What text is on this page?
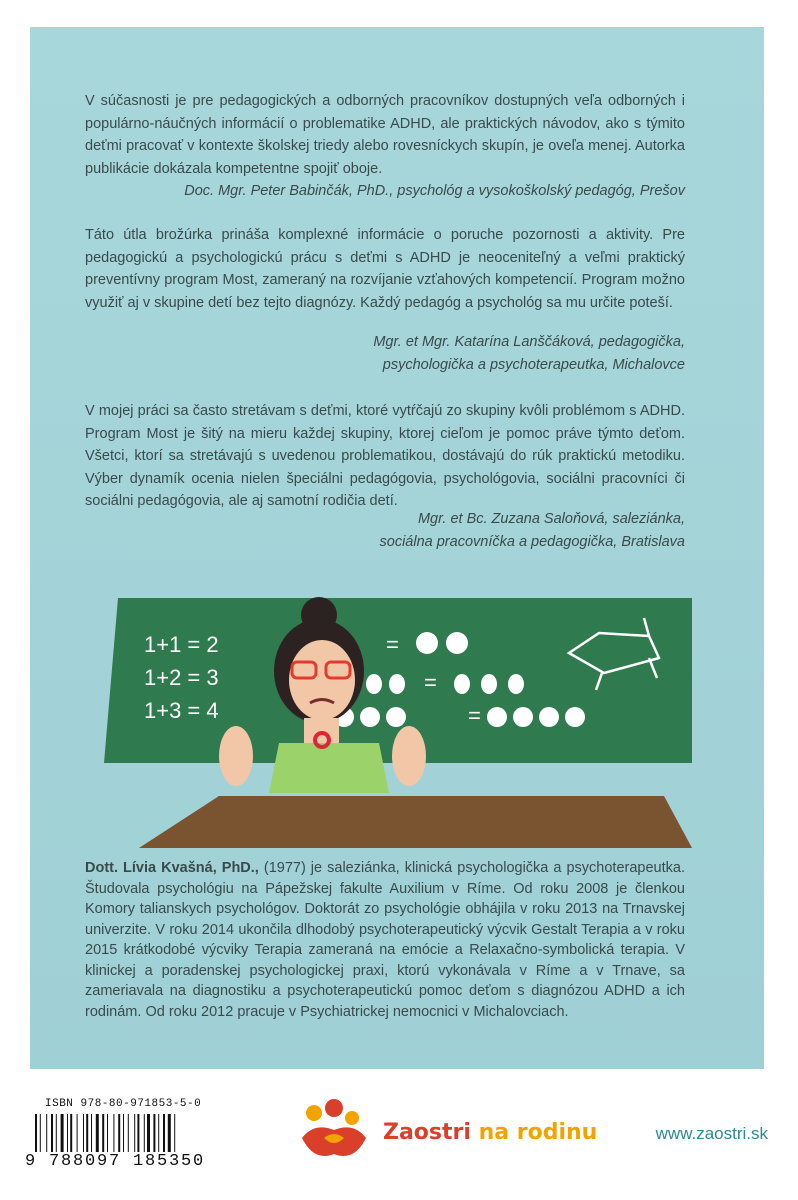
V súčasnosti je pre pedagogických a odborných pracovníkov dostupných veľa odborných i populárno-náučných informácií o problematike ADHD, ale praktických návodov, ako s týmito deťmi pracovať v kontexte školskej triedy alebo rovesníckych skupín, je oveľa menej. Autorka publikácie dokázala kompetentne spojiť oboje.

Doc. Mgr. Peter Babinčák, PhD., psychológ a vysokoškolský pedagóg, Prešov

Táto útla brožúrka prináša komplexné informácie o poruche pozornosti a aktivity. Pre pedagogickú a psychologickú prácu s deťmi s ADHD je neoceniteľný a veľmi praktický preventívny program Most, zameraný na rozvíjanie vzťahových kompetencií. Program možno využiť aj v skupine detí bez tejto diagnózy. Každý pedagóg a psychológ sa mu určite poteší.

Mgr. et Mgr. Katarína Lanščáková, pedagogička,
psychologička a psychoterapeutka, Michalovce

V mojej práci sa často stretávam s deťmi, ktoré vytŕčajú zo skupiny kvôli problémom s ADHD. Program Most je šitý na mieru každej skupiny, ktorej cieľom je pomoc práve týmto deťom. Všetci, ktorí sa stretávajú s uvedenou problematikou, dostávajú do rúk praktickú metodiku. Výber dynamík ocenia nielen špeciálni pedagógovia, psychológovia, sociálni pracovníci či sociálni pedagógovia, ale aj samotní rodičia detí.

Mgr. et Bc. Zuzana Saloňová, saleziánka,
sociálna pracovníčka a pedagogička, Bratislava
1+1 = 2
1+2 = 3
1+3 = 4
=
=
=
Dott. Lívia Kvašná, PhD., (1977) je saleziánka, klinická psychologička a psychoterapeutka. Študovala psychológiu na Pápežskej fakulte Auxilium v Ríme. Od roku 2008 je členkou Komory talianskych psychológov. Doktorát zo psychológie obhájila v roku 2013 na Trnavskej univerzite. V roku 2014 ukončila dlhodobý psychoterapeutický výcvik Gestalt Terapia a v roku 2015 krátkodobé výcviky Terapia zameraná na emócie a Relaxačno-symbolická terapia. V klinickej a poradenskej psychologickej praxi, ktorú vykonávala v Ríme a v Trnave, sa zameriavala na diagnostiku a psychoterapeutickú pomoc deťom s diagnózou ADHD a ich rodinám. Od roku 2012 pracuje v Psychiatrickej nemocnici v Michalovciach.
ISBN 978-80-971853-5-0
9 788097 185350
Zaostri na rodinu	www.zaostri.sk
